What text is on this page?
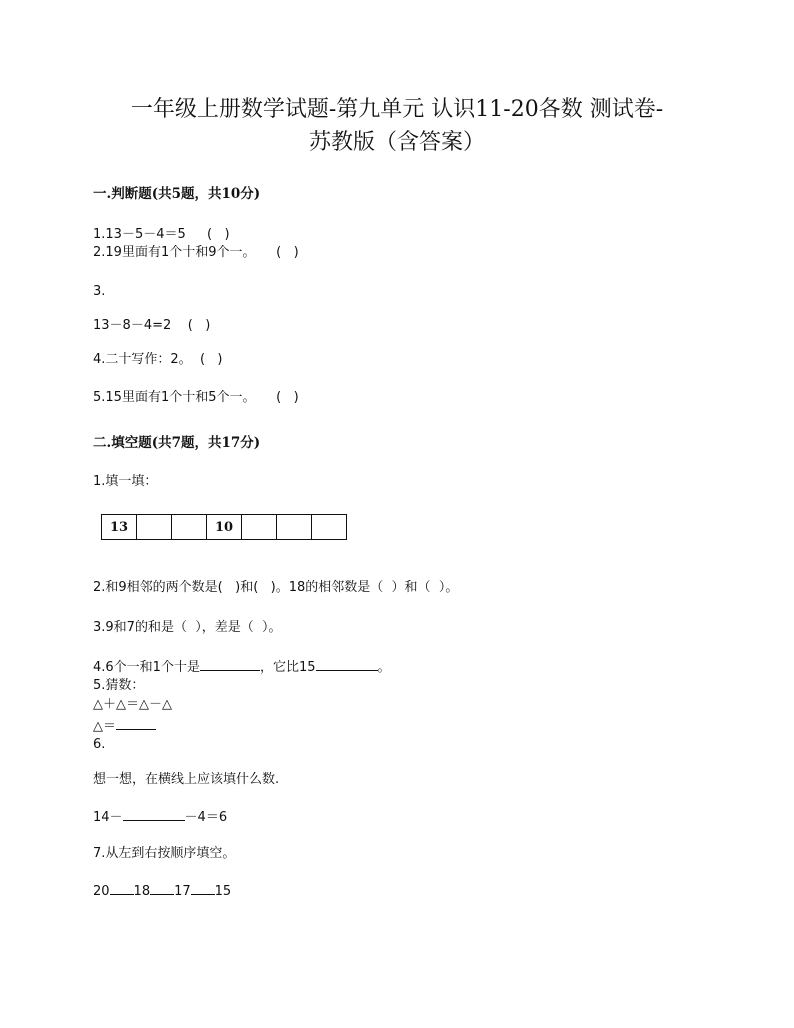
一年级上册数学试题-第九单元 认识11-20各数 测试卷-
苏教版（含答案）
一.判断题(共5题，共10分)
1.13－5－4＝5　  (   )
2.19里面有1个十和9个一。     (   )
3.
13－8－4=2    (   )
4.二十写作：2。  (   )
5.15里面有1个十和5个一。     (   )
二.填空题(共7题，共17分)
1.填一填：
13			10			
2.和9相邻的两个数是(   )和(   )。18的相邻数是（  ）和（  ）。
3.9和7的和是（  ），差是（  ）。
4.6个一和1个十是	，它比15	。
5.猜数：
△＋△＝△－△
△＝
6.
想一想，在横线上应该填什么数.
14－	－4＝6
7.从左到右按顺序填空。
20 18 17 15
